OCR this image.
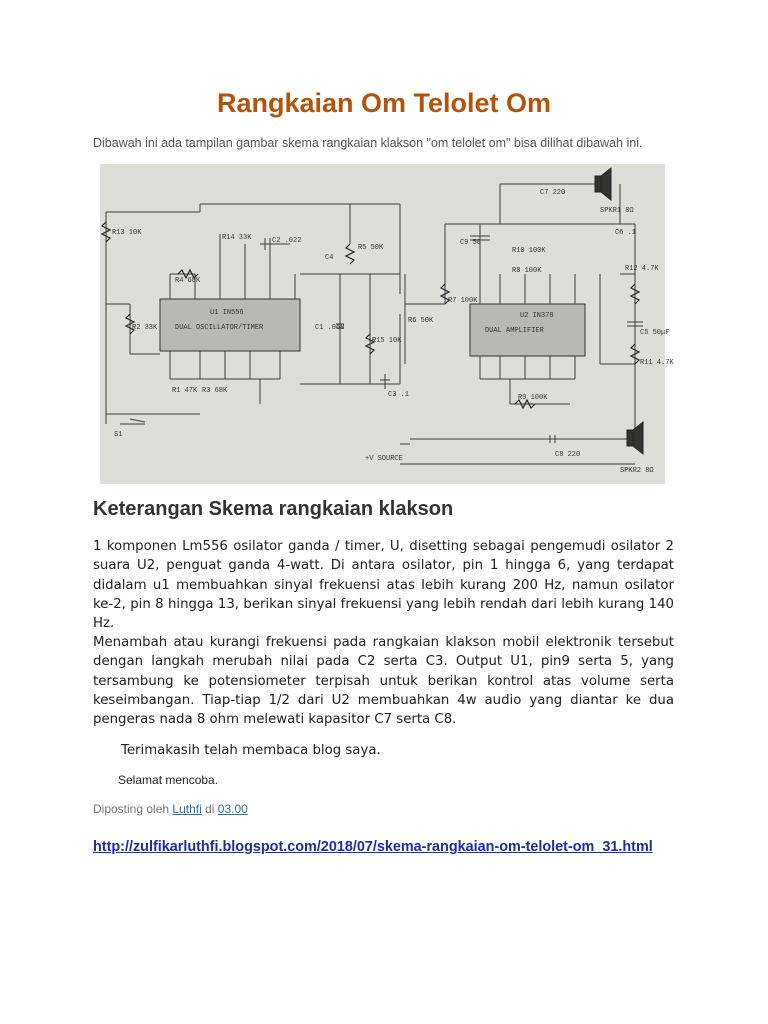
Rangkaian Om Telolet Om
Dibawah ini ada tampilan gambar skema rangkaian klakson "om telolet om" bisa dilihat dibawah ini.
R13 10K
R14 33K	C2 .022
R5 50K
C4
R4 68K
R2 33K
U1 IN556
DUAL OSCILLATOR/TIMER	C1 .068
R15 10K
R6 50K
C3 .1
R1 47K R3 68K
S1
C9 50
C7 220
SPKR1 8Ω
R10 100K
R8 100K
R7 100K
U2 IN378
DUAL AMPLIFIER
C6 .1
R12 4.7K
C5 50μF
R11 4.7K
R9 100K
C8 220
SPKR2 8Ω
+V SOURCE
Keterangan Skema rangkaian klakson

1 komponen Lm556 osilator ganda / timer, U, disetting sebagai pengemudi osilator 2 suara U2, penguat ganda 4-watt. Di antara osilator, pin 1 hingga 6, yang terdapat didalam u1 membuahkan sinyal frekuensi atas lebih kurang 200 Hz, namun osilator ke-2, pin 8 hingga 13, berikan sinyal frekuensi yang lebih rendah dari lebih kurang 140 Hz.

Menambah atau kurangi frekuensi pada rangkaian klakson mobil elektronik tersebut dengan langkah merubah nilai pada C2 serta C3. Output U1, pin9 serta 5, yang tersambung ke potensiometer terpisah untuk berikan kontrol atas volume serta keseimbangan. Tiap-tiap 1/2 dari U2 membuahkan 4w audio yang diantar ke dua pengeras nada 8 ohm melewati kapasitor C7 serta C8.

Terimakasih telah membaca blog saya.

Selamat mencoba.

Diposting oleh Luthfi di 03.00

http://zulfikarluthfi.blogspot.com/2018/07/skema-rangkaian-om-telolet-om_31.html
